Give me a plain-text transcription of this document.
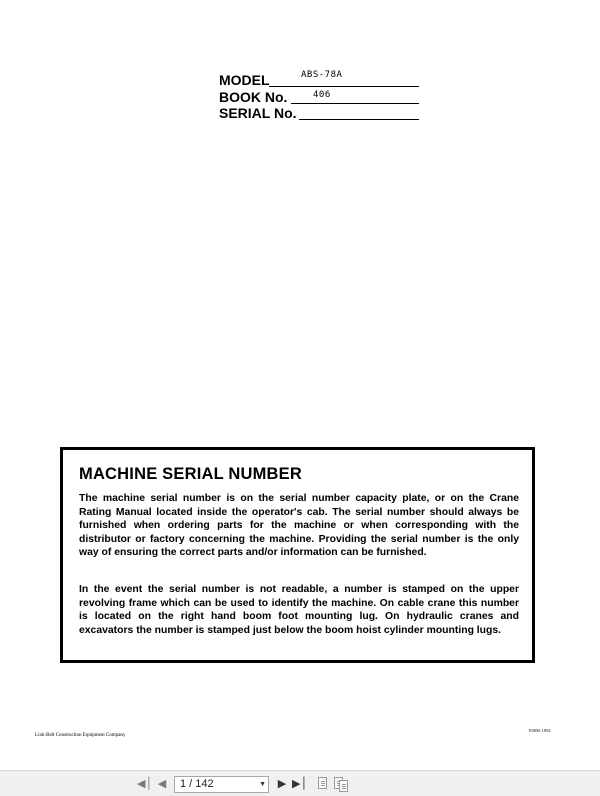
MODEL	ABS-78A
BOOK No.	406
SERIAL No.
MACHINE SERIAL NUMBER

The machine serial number is on the serial number capacity plate, or on the Crane Rating Manual located inside the operator's cab. The serial number should always be furnished when ordering parts for the machine or when corresponding with the distributor or factory concerning the machine. Providing the serial number is the only way of ensuring the correct parts and/or information can be furnished.

In the event the serial number is not readable, a number is stamped on the upper revolving frame which can be used to identify the machine. On cable crane this number is located on the right hand boom foot mounting lug. On hydraulic cranes and excavators the number is stamped just below the boom hoist cylinder mounting lugs.

Link-Belt Construction Equipment Company
F0056 1092
◀│ ◀ 1 / 142	▼ ▶ ▶│
